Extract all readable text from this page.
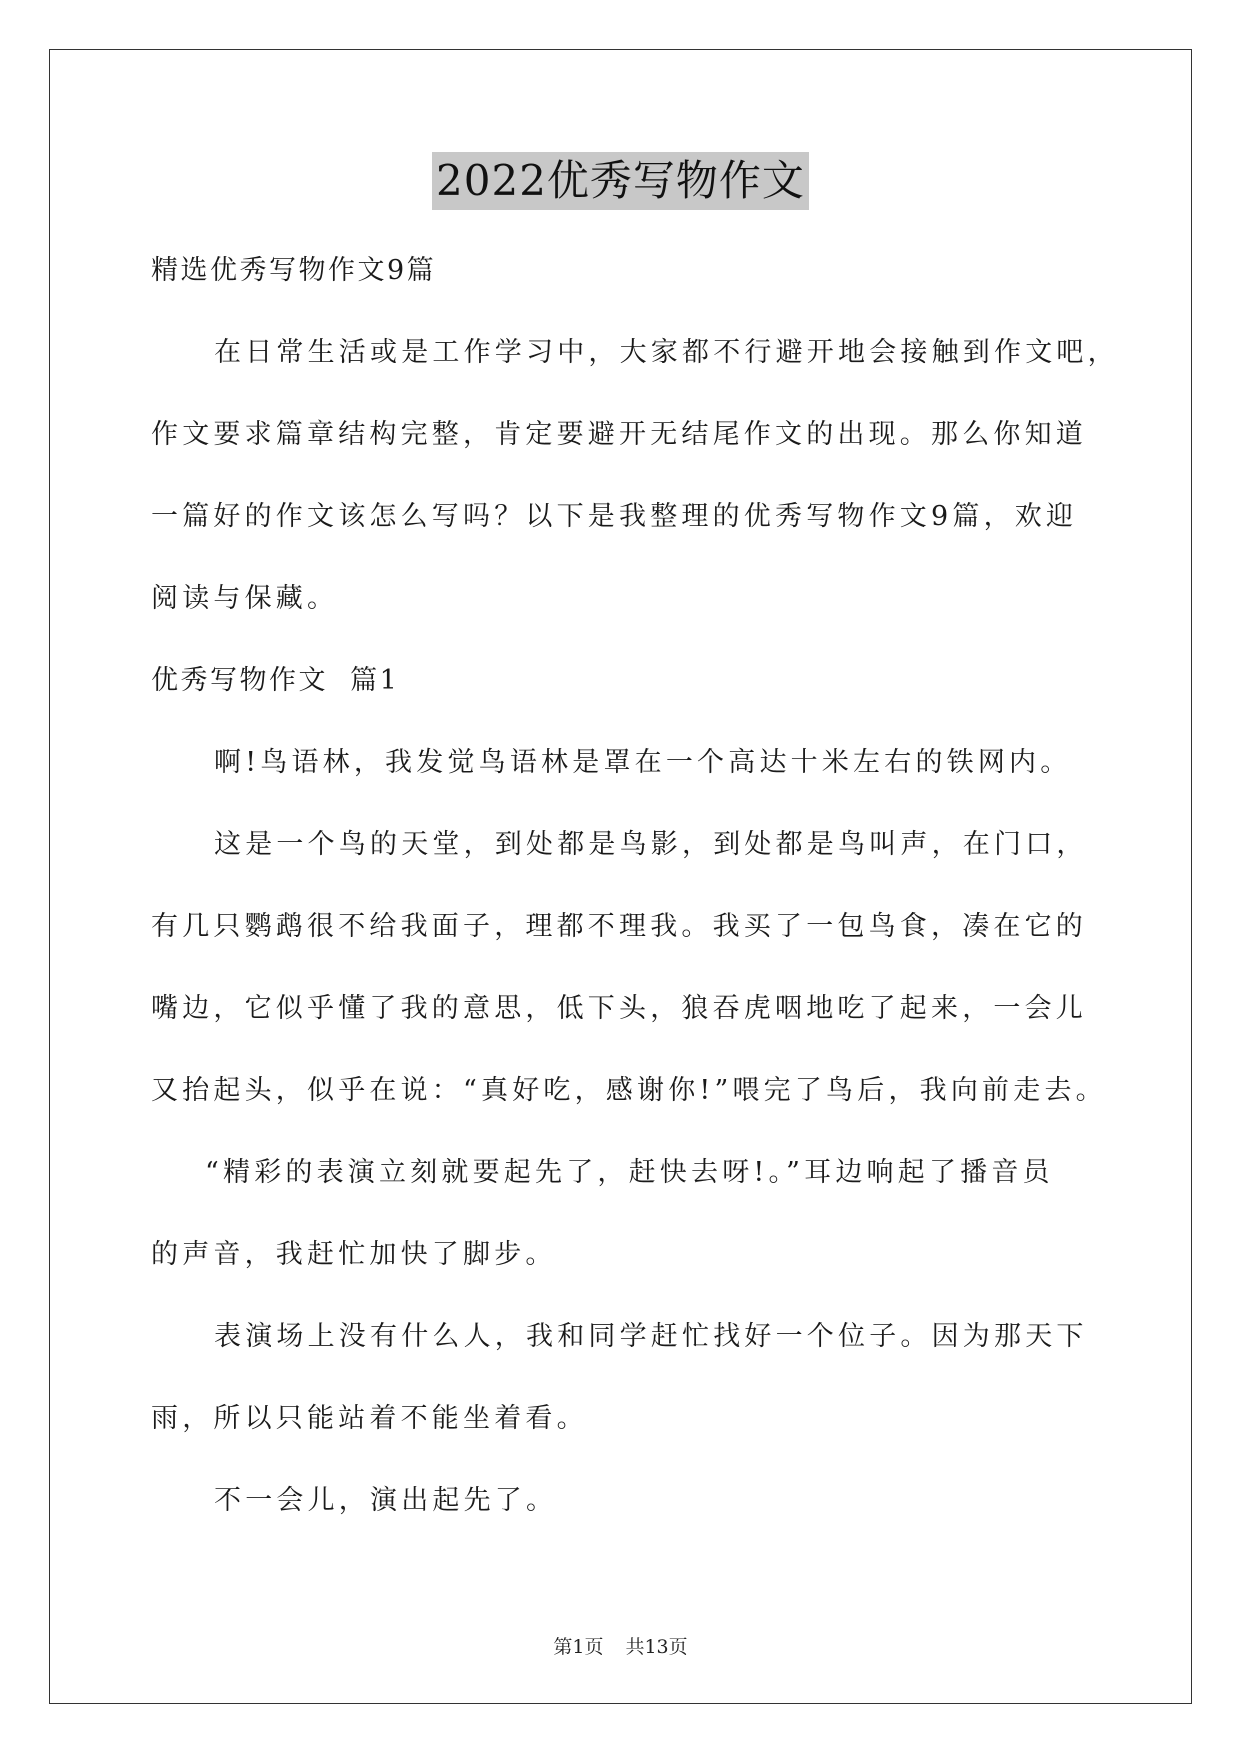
2022优秀写物作文
精选优秀写物作文9篇
在日常生活或是工作学习中，大家都不行避开地会接触到作文吧，
作文要求篇章结构完整，肯定要避开无结尾作文的出现。那么你知道
一篇好的作文该怎么写吗？以下是我整理的优秀写物作文9篇，欢迎
阅读与保藏。
优秀写物作文  篇1
啊!鸟语林，我发觉鸟语林是罩在一个高达十米左右的铁网内。
这是一个鸟的天堂，到处都是鸟影，到处都是鸟叫声，在门口，
有几只鹦鹉很不给我面子，理都不理我。我买了一包鸟食，凑在它的
嘴边，它似乎懂了我的意思，低下头，狼吞虎咽地吃了起来，一会儿
又抬起头，似乎在说：“真好吃，感谢你!”喂完了鸟后，我向前走去。
“精彩的表演立刻就要起先了，赶快去呀!。”耳边响起了播音员
的声音，我赶忙加快了脚步。
表演场上没有什么人，我和同学赶忙找好一个位子。因为那天下
雨，所以只能站着不能坐着看。
不一会儿，演出起先了。
第1页 共13页
